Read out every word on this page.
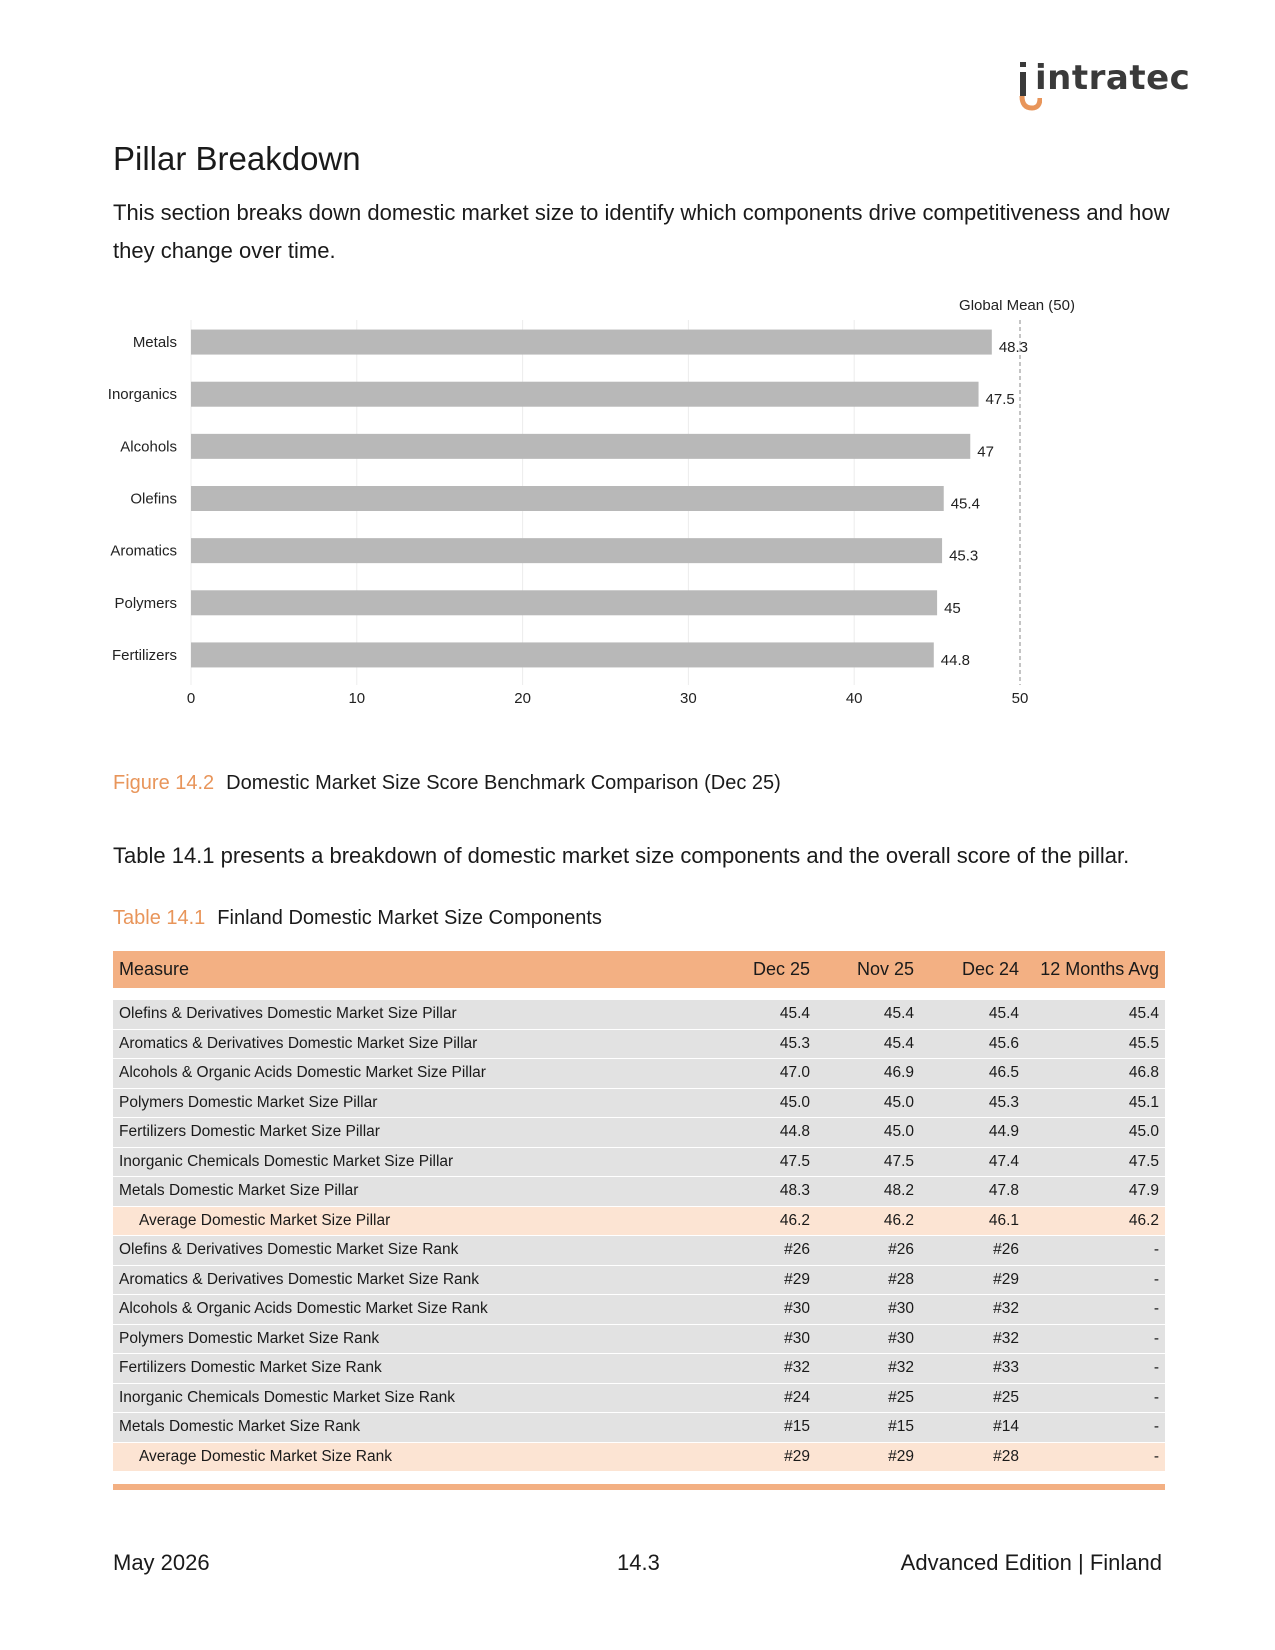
intratec
Pillar Breakdown

This section breaks down domestic market size to identify which components drive competitiveness and how they change over time.

0	10	20	30	40	50
Metals	48.3
Inorganics	47.5
Alcohols	47
Olefins	45.4
Aromatics	45.3
Polymers	45
Fertilizers	44.8
Global Mean (50)
Figure 14.2 Domestic Market Size Score Benchmark Comparison (Dec 25)
Table 14.1 presents a breakdown of domestic market size components and the overall score of the pillar.
Table 14.1 Finland Domestic Market Size Components
Measure	Dec 25	Nov 25	Dec 24	12 Months Avg
Olefins & Derivatives Domestic Market Size Pillar	45.4	45.4	45.4	45.4
Aromatics & Derivatives Domestic Market Size Pillar	45.3	45.4	45.6	45.5
Alcohols & Organic Acids Domestic Market Size Pillar	47.0	46.9	46.5	46.8
Polymers Domestic Market Size Pillar	45.0	45.0	45.3	45.1
Fertilizers Domestic Market Size Pillar	44.8	45.0	44.9	45.0
Inorganic Chemicals Domestic Market Size Pillar	47.5	47.5	47.4	47.5
Metals Domestic Market Size Pillar	48.3	48.2	47.8	47.9
Average Domestic Market Size Pillar	46.2	46.2	46.1	46.2
Olefins & Derivatives Domestic Market Size Rank	#26	#26	#26	-
Aromatics & Derivatives Domestic Market Size Rank	#29	#28	#29	-
Alcohols & Organic Acids Domestic Market Size Rank	#30	#30	#32	-
Polymers Domestic Market Size Rank	#30	#30	#32	-
Fertilizers Domestic Market Size Rank	#32	#32	#33	-
Inorganic Chemicals Domestic Market Size Rank	#24	#25	#25	-
Metals Domestic Market Size Rank	#15	#15	#14	-
Average Domestic Market Size Rank	#29	#29	#28	-
May 2026	14.3	Advanced Edition | Finland
